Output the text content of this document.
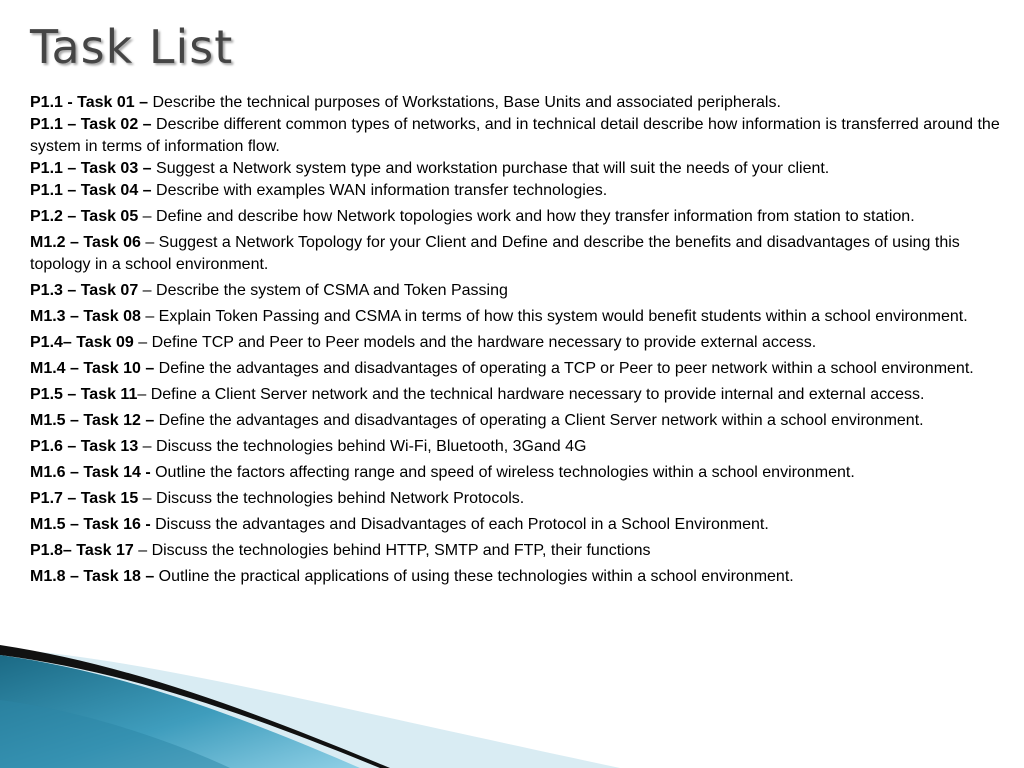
Task List

P1.1 - Task 01 – Describe the technical purposes of Workstations, Base Units and associated peripherals.

P1.1 – Task 02 – Describe different common types of networks, and in technical detail describe how information is transferred around the system in terms of information flow.

P1.1 – Task 03 – Suggest a Network system type and workstation purchase that will suit the needs of your client.

P1.1 – Task 04 – Describe with examples WAN information transfer technologies.

P1.2 – Task 05 – Define and describe how Network topologies work and how they transfer information from station to station.

M1.2 – Task 06 – Suggest a Network Topology for your Client and Define and describe the benefits and disadvantages of using this topology in a school environment.

P1.3 – Task 07 – Describe the system of CSMA and Token Passing

M1.3 – Task 08 – Explain Token Passing and CSMA in terms of how this system would benefit students within a school environment.

P1.4– Task 09 – Define TCP and Peer to Peer models and the hardware necessary to provide external access.

M1.4 – Task 10 – Define the advantages and disadvantages of operating a TCP or Peer to peer network within a school environment.

P1.5 – Task 11– Define a Client Server network and the technical hardware necessary to provide internal and external access.

M1.5 – Task 12 – Define the advantages and disadvantages of operating a Client Server network within a school environment.

P1.6 – Task 13 – Discuss the technologies behind Wi-Fi, Bluetooth, 3Gand 4G

M1.6 – Task 14 - Outline the factors affecting range and speed of wireless technologies within a school environment.

P1.7 – Task 15 – Discuss the technologies behind Network Protocols.

M1.5 – Task 16 - Discuss the advantages and Disadvantages of each Protocol in a School Environment.

P1.8– Task 17 – Discuss the technologies behind HTTP, SMTP and FTP, their functions

M1.8 – Task 18 – Outline the practical applications of using these technologies within a school environment.
